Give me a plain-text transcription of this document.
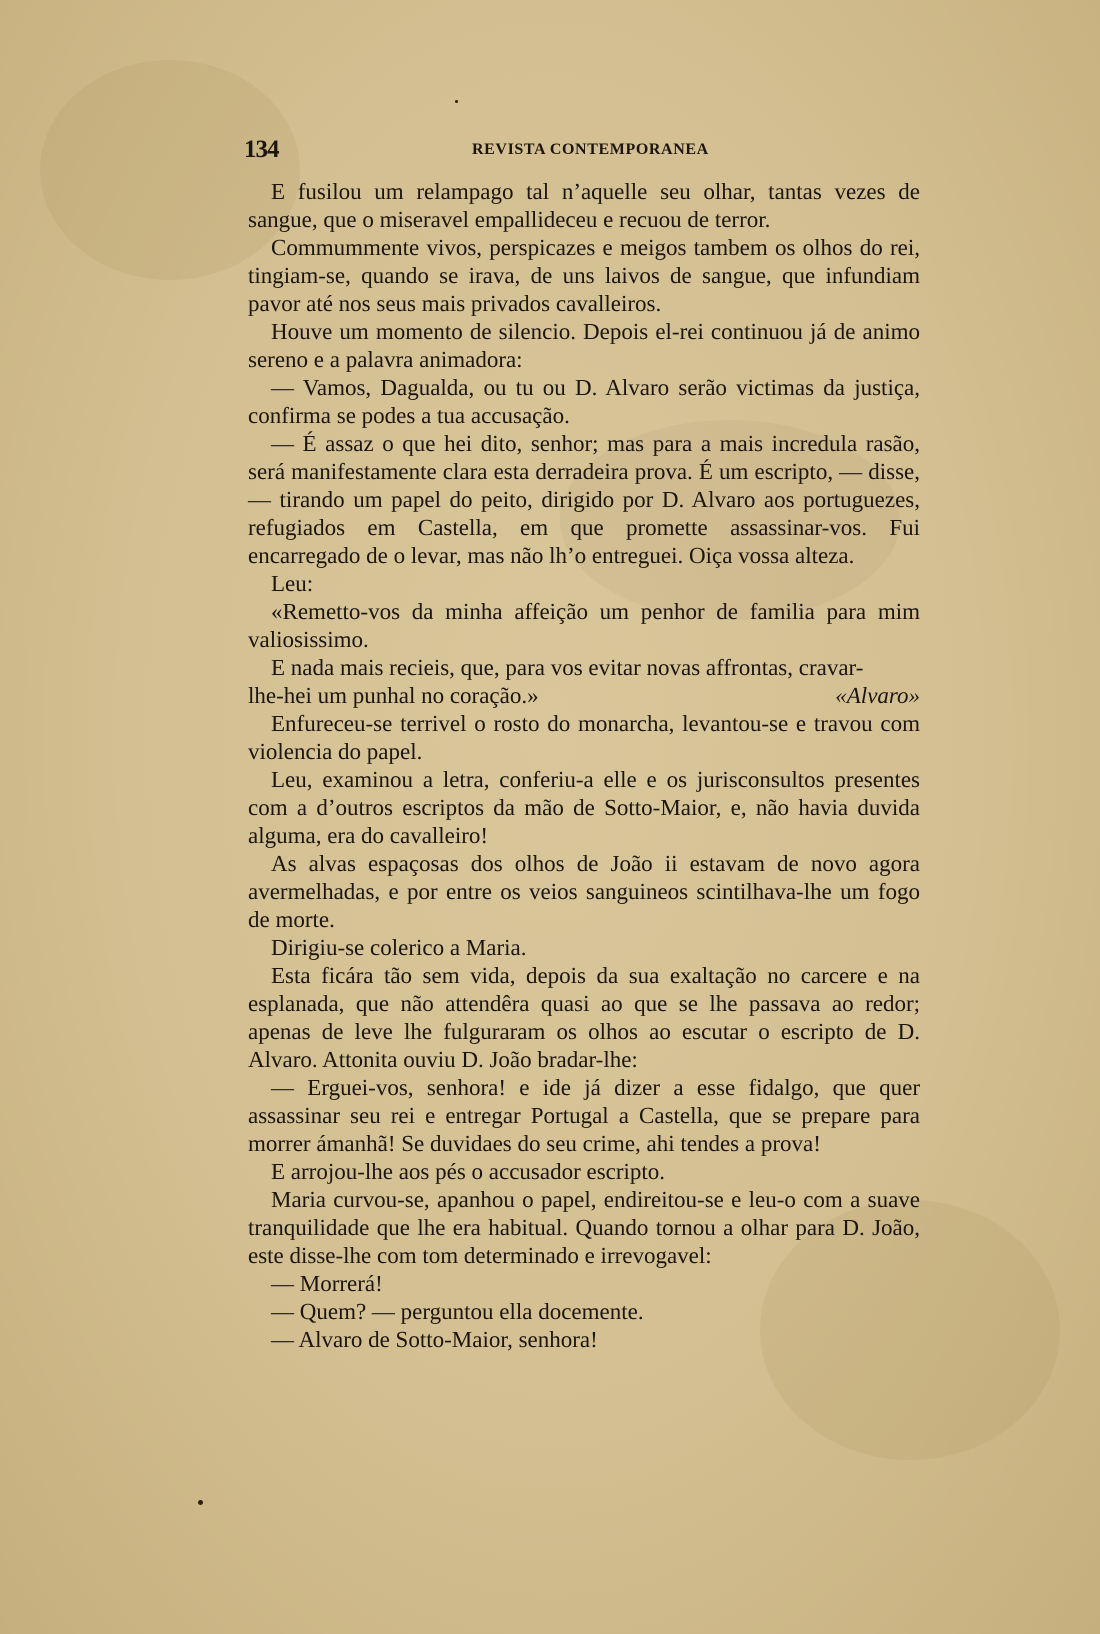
134	REVISTA CONTEMPORANEA

E fusilou um relampago tal n’aquelle seu olhar, tantas vezes de sangue, que o miseravel empallideceu e recuou de terror.

Commummente vivos, perspicazes e meigos tambem os olhos do rei, tingiam-se, quando se irava, de uns laivos de sangue, que infundiam pavor até nos seus mais privados cavalleiros.

Houve um momento de silencio. Depois el-rei continuou já de animo sereno e a palavra animadora:

— Vamos, Dagualda, ou tu ou D. Alvaro serão victimas da justiça, confirma se podes a tua accusação.

— É assaz o que hei dito, senhor; mas para a mais incredula rasão, será manifestamente clara esta derradeira prova. É um escripto, — disse, — tirando um papel do peito, dirigido por D. Alvaro aos portuguezes, refugiados em Castella, em que promette assassinar-vos. Fui encarregado de o levar, mas não lh’o entreguei. Oiça vossa alteza.

Leu:

«Remetto-vos da minha affeição um penhor de familia para mim valiosissimo.

E nada mais recieis, que, para vos evitar novas affrontas, cravar-

lhe-hei um punhal no coração.»	«Alvaro»

Enfureceu-se terrivel o rosto do monarcha, levantou-se e travou com violencia do papel.

Leu, examinou a letra, conferiu-a elle e os jurisconsultos presentes com a d’outros escriptos da mão de Sotto-Maior, e, não havia duvida alguma, era do cavalleiro!

As alvas espaçosas dos olhos de João ii estavam de novo agora avermelhadas, e por entre os veios sanguineos scintilhava-lhe um fogo de morte.

Dirigiu-se colerico a Maria.

Esta ficára tão sem vida, depois da sua exaltação no carcere e na esplanada, que não attendêra quasi ao que se lhe passava ao redor; apenas de leve lhe fulguraram os olhos ao escutar o escripto de D. Alvaro. Attonita ouviu D. João bradar-lhe:

— Erguei-vos, senhora! e ide já dizer a esse fidalgo, que quer assassinar seu rei e entregar Portugal a Castella, que se prepare para morrer ámanhã! Se duvidaes do seu crime, ahi tendes a prova!

E arrojou-lhe aos pés o accusador escripto.

Maria curvou-se, apanhou o papel, endireitou-se e leu-o com a suave tranquilidade que lhe era habitual. Quando tornou a olhar para D. João, este disse-lhe com tom determinado e irrevogavel:

— Morrerá!

— Quem? — perguntou ella docemente.

— Alvaro de Sotto-Maior, senhora!
